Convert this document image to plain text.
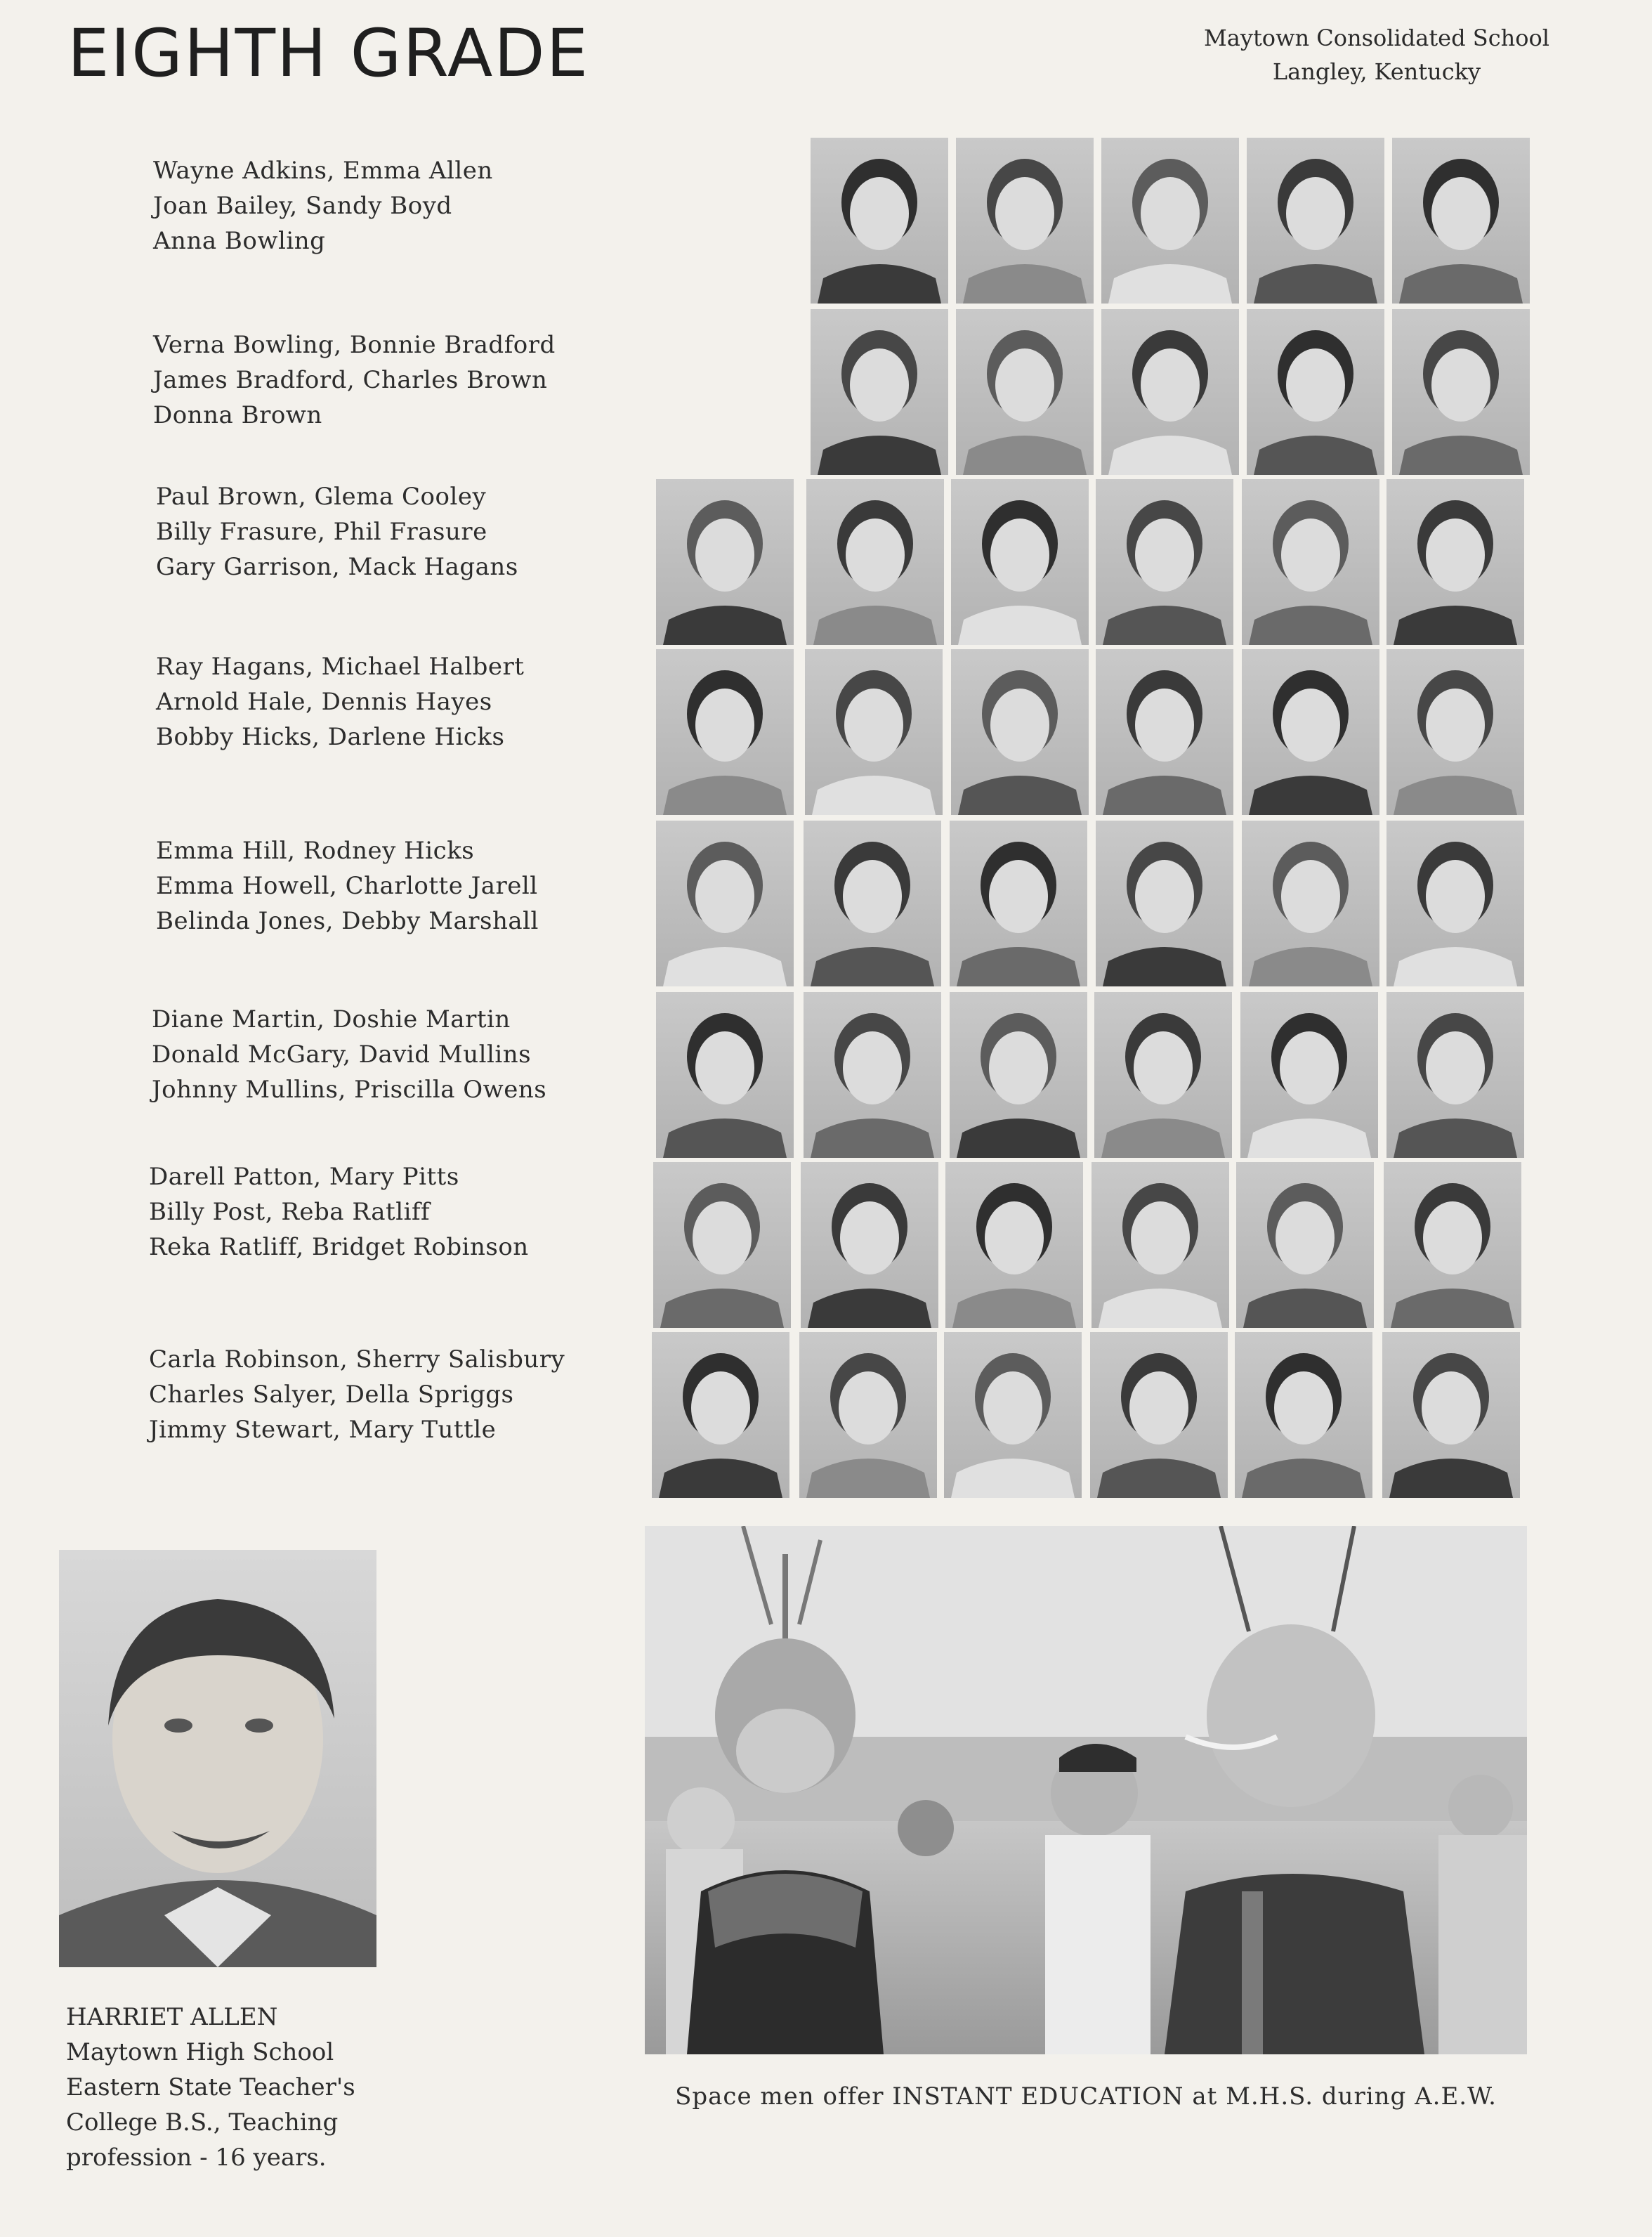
EIGHTH GRADE	Maytown Consolidated School
Langley, Kentucky
Wayne Adkins, Emma Allen
Joan Bailey, Sandy Boyd
Anna Bowling
Verna Bowling, Bonnie Bradford
James Bradford, Charles Brown
Donna Brown
Paul Brown, Glema Cooley
Billy Frasure, Phil Frasure
Gary Garrison, Mack Hagans
Ray Hagans, Michael Halbert
Arnold Hale, Dennis Hayes
Bobby Hicks, Darlene Hicks
Emma Hill, Rodney Hicks
Emma Howell, Charlotte Jarell
Belinda Jones, Debby Marshall
Diane Martin, Doshie Martin
Donald McGary, David Mullins
Johnny Mullins, Priscilla Owens
Darell Patton, Mary Pitts
Billy Post, Reba Ratliff
Reka Ratliff, Bridget Robinson
Carla Robinson, Sherry Salisbury
Charles Salyer, Della Spriggs
Jimmy Stewart, Mary Tuttle
HARRIET ALLEN
Maytown High School
Eastern State Teacher's
College B.S., Teaching
profession - 16 years.
Space men offer INSTANT EDUCATION at M.H.S. during A.E.W.
